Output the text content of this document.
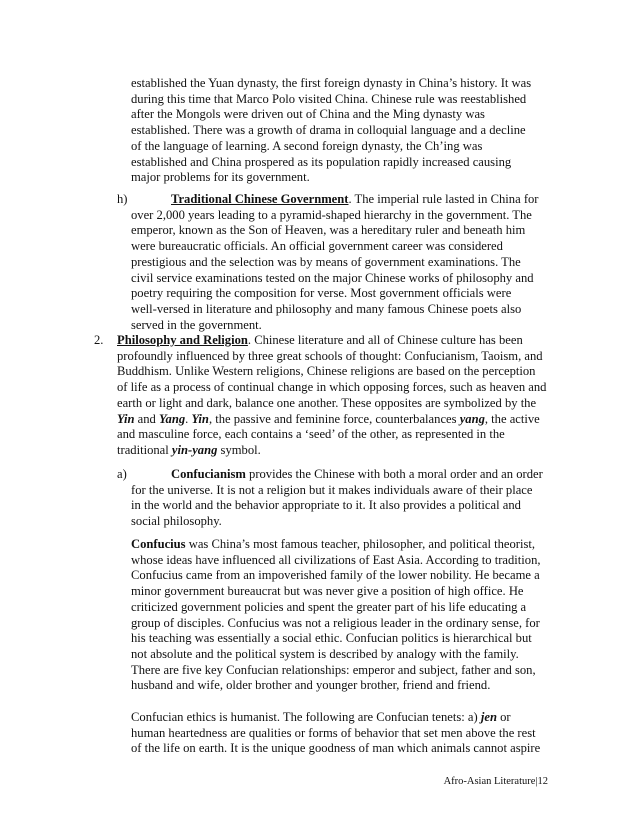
established the Yuan dynasty, the first foreign dynasty in China’s history. It was
during this time that Marco Polo visited China. Chinese rule was reestablished
after the Mongols were driven out of China and the Ming dynasty was
established. There was a growth of drama in colloquial language and a decline
of the language of learning. A second foreign dynasty, the Ch’ing was
established and China prospered as its population rapidly increased causing
major problems for its government.
h)	Traditional Chinese Government. The imperial rule lasted in China for
over 2,000 years leading to a pyramid-shaped hierarchy in the government. The
emperor, known as the Son of Heaven, was a hereditary ruler and beneath him
were bureaucratic officials. An official government career was considered
prestigious and the selection was by means of government examinations. The
civil service examinations tested on the major Chinese works of philosophy and
poetry requiring the composition for verse. Most government officials were
well-versed in literature and philosophy and many famous Chinese poets also
served in the government.
2. Philosophy and Religion. Chinese literature and all of Chinese culture has been
profoundly influenced by three great schools of thought: Confucianism, Taoism, and
Buddhism. Unlike Western religions, Chinese religions are based on the perception
of life as a process of continual change in which opposing forces, such as heaven and
earth or light and dark, balance one another. These opposites are symbolized by the
Yin and Yang. Yin, the passive and feminine force, counterbalances yang, the active
and masculine force, each contains a ‘seed’ of the other, as represented in the
traditional yin-yang symbol.
a)	Confucianism provides the Chinese with both a moral order and an order
for the universe. It is not a religion but it makes individuals aware of their place
in the world and the behavior appropriate to it. It also provides a political and
social philosophy.
Confucius was China’s most famous teacher, philosopher, and political theorist,
whose ideas have influenced all civilizations of East Asia. According to tradition,
Confucius came from an impoverished family of the lower nobility. He became a
minor government bureaucrat but was never give a position of high office. He
criticized government policies and spent the greater part of his life educating a
group of disciples. Confucius was not a religious leader in the ordinary sense, for
his teaching was essentially a social ethic. Confucian politics is hierarchical but
not absolute and the political system is described by analogy with the family.
There are five key Confucian relationships: emperor and subject, father and son,
husband and wife, older brother and younger brother, friend and friend.
Confucian ethics is humanist. The following are Confucian tenets: a) jen or
human heartedness are qualities or forms of behavior that set men above the rest
of the life on earth. It is the unique goodness of man which animals cannot aspire
Afro-Asian Literature|12
